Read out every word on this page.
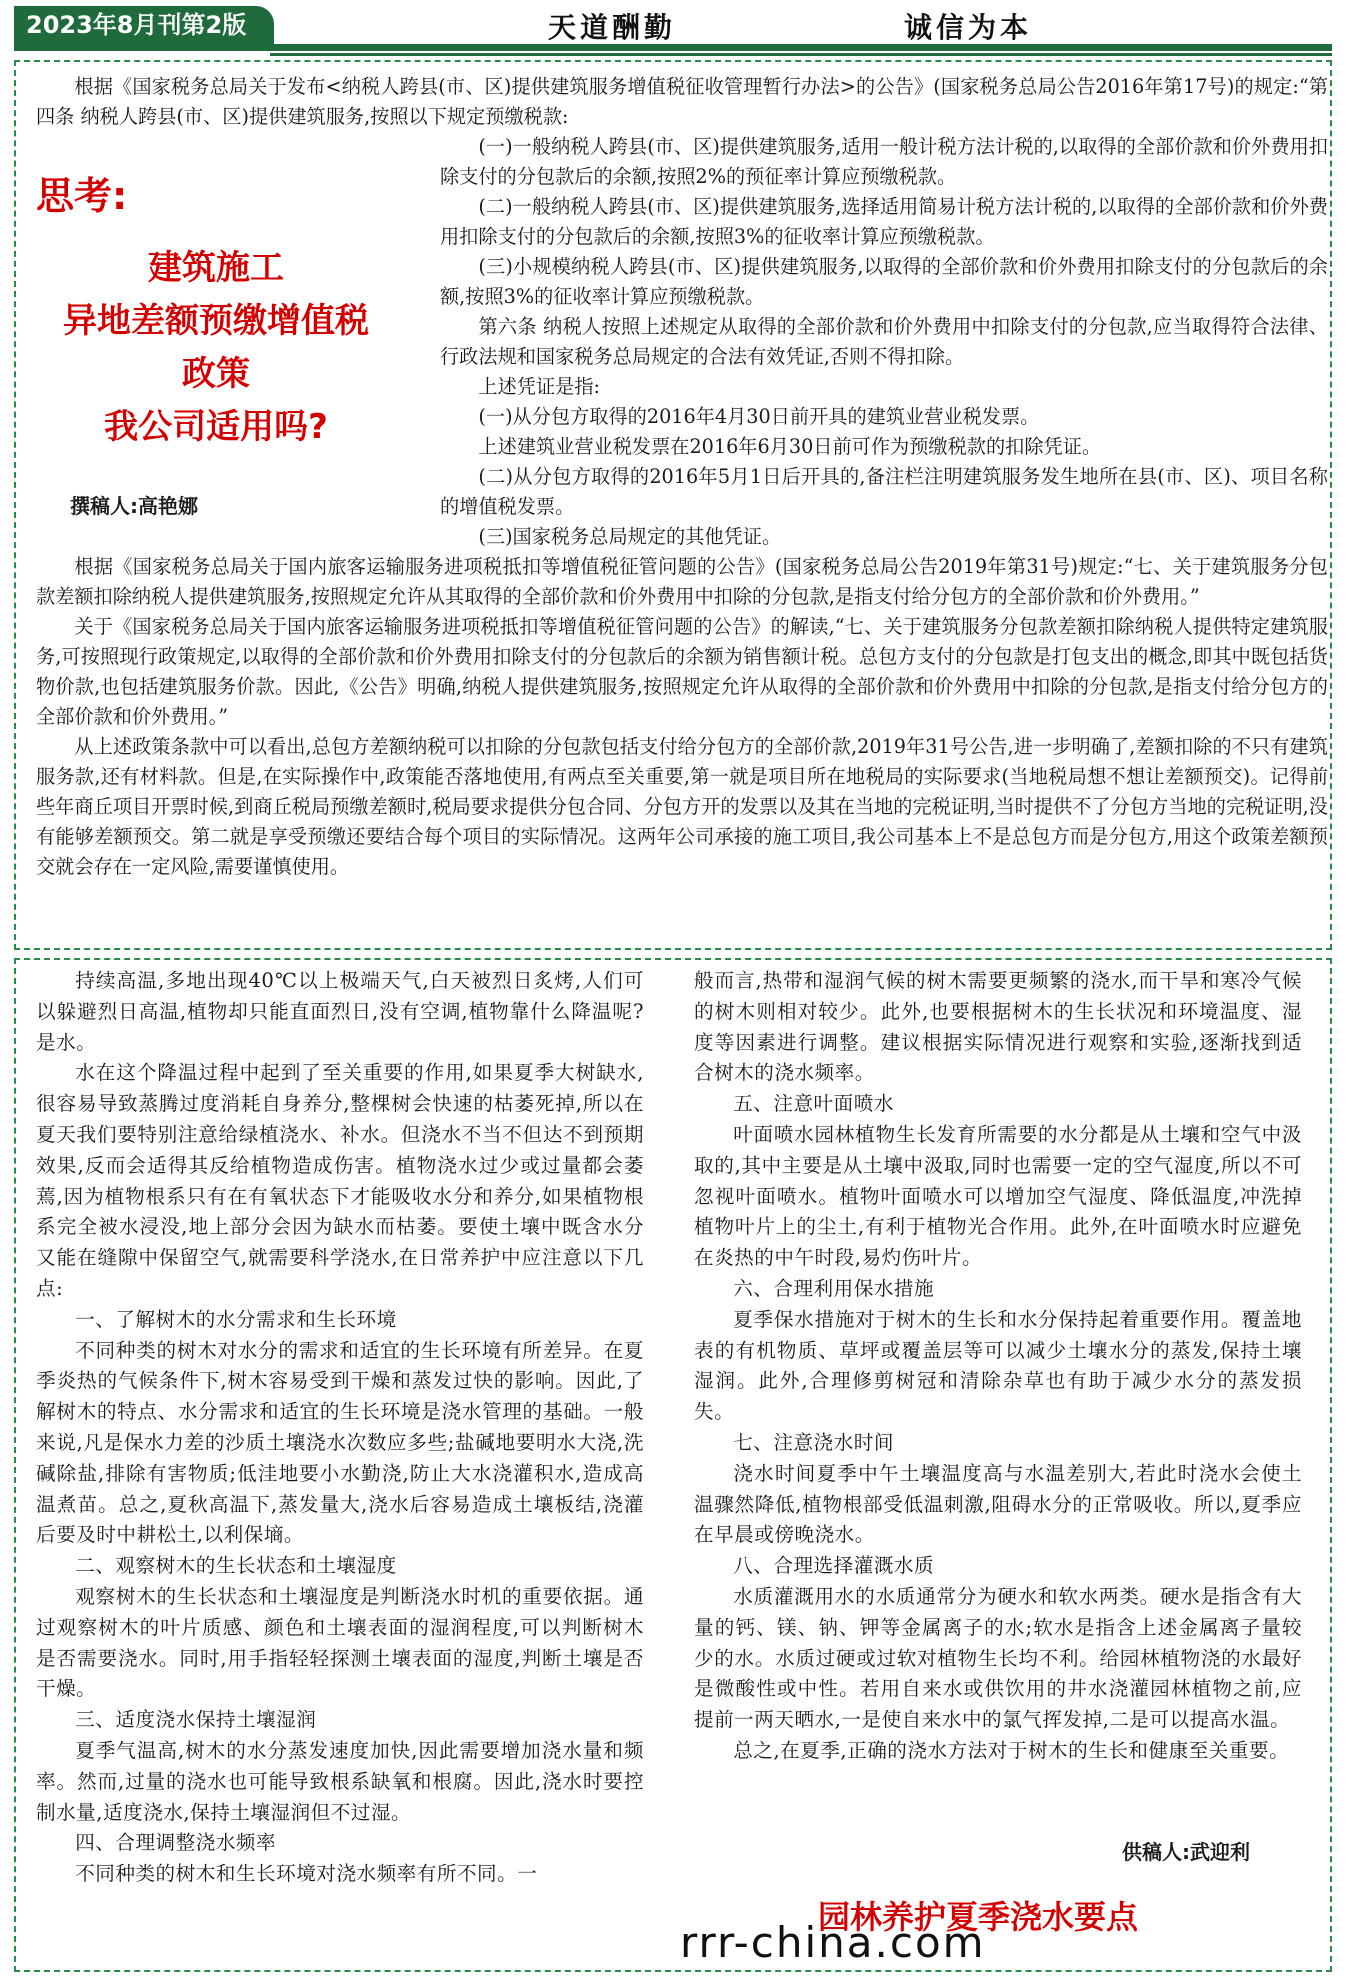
2023年8月刊第2版	天道酬勤	诚信为本
思考:
建筑施工
异地差额预缴增值税
政策
我公司适用吗?
撰稿人:高艳娜

根据《国家税务总局关于发布<纳税人跨县(市、区)提供建筑服务增值税征收管理暂行办法>的公告》(国家税务总局公告2016年第17号)的规定:“第四条 纳税人跨县(市、区)提供建筑服务,按照以下规定预缴税款:

(一)一般纳税人跨县(市、区)提供建筑服务,适用一般计税方法计税的,以取得的全部价款和价外费用扣除支付的分包款后的余额,按照2%的预征率计算应预缴税款。

(二)一般纳税人跨县(市、区)提供建筑服务,选择适用简易计税方法计税的,以取得的全部价款和价外费用扣除支付的分包款后的余额,按照3%的征收率计算应预缴税款。

(三)小规模纳税人跨县(市、区)提供建筑服务,以取得的全部价款和价外费用扣除支付的分包款后的余额,按照3%的征收率计算应预缴税款。

第六条 纳税人按照上述规定从取得的全部价款和价外费用中扣除支付的分包款,应当取得符合法律、行政法规和国家税务总局规定的合法有效凭证,否则不得扣除。

上述凭证是指:

(一)从分包方取得的2016年4月30日前开具的建筑业营业税发票。

上述建筑业营业税发票在2016年6月30日前可作为预缴税款的扣除凭证。

(二)从分包方取得的2016年5月1日后开具的,备注栏注明建筑服务发生地所在县(市、区)、项目名称的增值税发票。

(三)国家税务总局规定的其他凭证。

根据《国家税务总局关于国内旅客运输服务进项税抵扣等增值税征管问题的公告》(国家税务总局公告2019年第31号)规定:“七、关于建筑服务分包款差额扣除纳税人提供建筑服务,按照规定允许从其取得的全部价款和价外费用中扣除的分包款,是指支付给分包方的全部价款和价外费用。”

关于《国家税务总局关于国内旅客运输服务进项税抵扣等增值税征管问题的公告》的解读,“七、关于建筑服务分包款差额扣除纳税人提供特定建筑服务,可按照现行政策规定,以取得的全部价款和价外费用扣除支付的分包款后的余额为销售额计税。总包方支付的分包款是打包支出的概念,即其中既包括货物价款,也包括建筑服务价款。因此,《公告》明确,纳税人提供建筑服务,按照规定允许从取得的全部价款和价外费用中扣除的分包款,是指支付给分包方的全部价款和价外费用。”

从上述政策条款中可以看出,总包方差额纳税可以扣除的分包款包括支付给分包方的全部价款,2019年31号公告,进一步明确了,差额扣除的不只有建筑服务款,还有材料款。但是,在实际操作中,政策能否落地使用,有两点至关重要,第一就是项目所在地税局的实际要求(当地税局想不想让差额预交)。记得前些年商丘项目开票时候,到商丘税局预缴差额时,税局要求提供分包合同、分包方开的发票以及其在当地的完税证明,当时提供不了分包方当地的完税证明,没有能够差额预交。第二就是享受预缴还要结合每个项目的实际情况。这两年公司承接的施工项目,我公司基本上不是总包方而是分包方,用这个政策差额预交就会存在一定风险,需要谨慎使用。

持续高温,多地出现40℃以上极端天气,白天被烈日炙烤,人们可以躲避烈日高温,植物却只能直面烈日,没有空调,植物靠什么降温呢?是水。

水在这个降温过程中起到了至关重要的作用,如果夏季大树缺水,很容易导致蒸腾过度消耗自身养分,整棵树会快速的枯萎死掉,所以在夏天我们要特别注意给绿植浇水、补水。但浇水不当不但达不到预期效果,反而会适得其反给植物造成伤害。植物浇水过少或过量都会萎蔫,因为植物根系只有在有氧状态下才能吸收水分和养分,如果植物根系完全被水浸没,地上部分会因为缺水而枯萎。要使土壤中既含水分又能在缝隙中保留空气,就需要科学浇水,在日常养护中应注意以下几点:

一、了解树木的水分需求和生长环境

不同种类的树木对水分的需求和适宜的生长环境有所差异。在夏季炎热的气候条件下,树木容易受到干燥和蒸发过快的影响。因此,了解树木的特点、水分需求和适宜的生长环境是浇水管理的基础。一般来说,凡是保水力差的沙质土壤浇水次数应多些;盐碱地要明水大浇,洗碱除盐,排除有害物质;低洼地要小水勤浇,防止大水浇灌积水,造成高温煮苗。总之,夏秋高温下,蒸发量大,浇水后容易造成土壤板结,浇灌后要及时中耕松土,以利保墒。

二、观察树木的生长状态和土壤湿度

观察树木的生长状态和土壤湿度是判断浇水时机的重要依据。通过观察树木的叶片质感、颜色和土壤表面的湿润程度,可以判断树木是否需要浇水。同时,用手指轻轻探测土壤表面的湿度,判断土壤是否干燥。

三、适度浇水保持土壤湿润

夏季气温高,树木的水分蒸发速度加快,因此需要增加浇水量和频率。然而,过量的浇水也可能导致根系缺氧和根腐。因此,浇水时要控制水量,适度浇水,保持土壤湿润但不过湿。

四、合理调整浇水频率

不同种类的树木和生长环境对浇水频率有所不同。一

般而言,热带和湿润气候的树木需要更频繁的浇水,而干旱和寒冷气候的树木则相对较少。此外,也要根据树木的生长状况和环境温度、湿度等因素进行调整。建议根据实际情况进行观察和实验,逐渐找到适合树木的浇水频率。

五、注意叶面喷水

叶面喷水园林植物生长发育所需要的水分都是从土壤和空气中汲取的,其中主要是从土壤中汲取,同时也需要一定的空气湿度,所以不可忽视叶面喷水。植物叶面喷水可以增加空气湿度、降低温度,冲洗掉植物叶片上的尘土,有利于植物光合作用。此外,在叶面喷水时应避免在炎热的中午时段,易灼伤叶片。

六、合理利用保水措施

夏季保水措施对于树木的生长和水分保持起着重要作用。覆盖地表的有机物质、草坪或覆盖层等可以减少土壤水分的蒸发,保持土壤湿润。此外,合理修剪树冠和清除杂草也有助于减少水分的蒸发损失。

七、注意浇水时间

浇水时间夏季中午土壤温度高与水温差别大,若此时浇水会使土温骤然降低,植物根部受低温刺激,阻碍水分的正常吸收。所以,夏季应在早晨或傍晚浇水。

八、合理选择灌溉水质

水质灌溉用水的水质通常分为硬水和软水两类。硬水是指含有大量的钙、镁、钠、钾等金属离子的水;软水是指含上述金属离子量较少的水。水质过硬或过软对植物生长均不利。给园林植物浇的水最好是微酸性或中性。若用自来水或供饮用的井水浇灌园林植物之前,应提前一两天晒水,一是使自来水中的氯气挥发掉,二是可以提高水温。

总之,在夏季,正确的浇水方法对于树木的生长和健康至关重要。

供稿人:武迎利
园林养护夏季浇水要点
rrr-china.com
